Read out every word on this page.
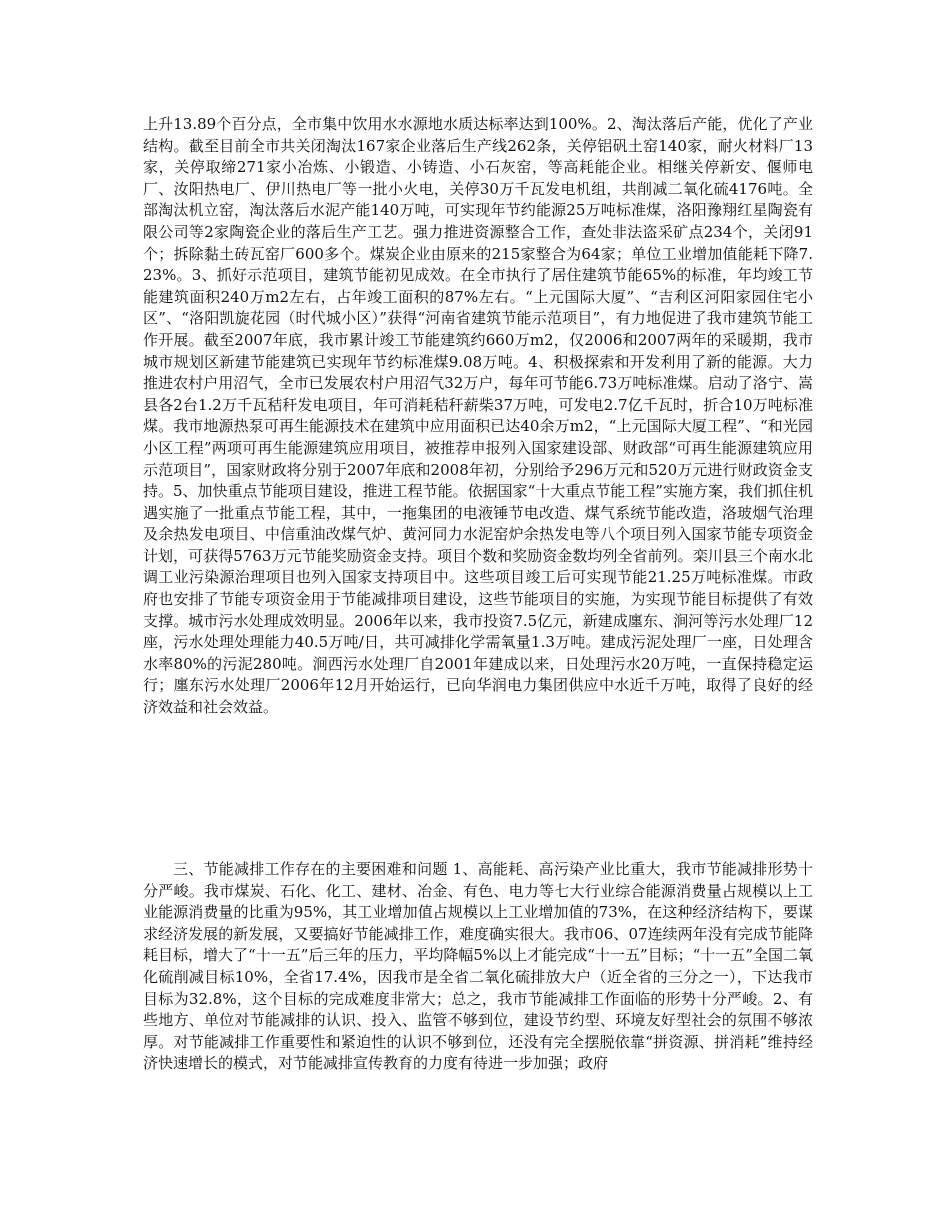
上升13.89个百分点，全市集中饮用水水源地水质达标率达到100%。2、淘汰落后产能，优化了产业结构。截至目前全市共关闭淘汰167家企业落后生产线262条，关停铝矾土窑140家，耐火材料厂13家，关停取缔271家小冶炼、小锻造、小铸造、小石灰窑，等高耗能企业。相继关停新安、偃师电厂、汝阳热电厂、伊川热电厂等一批小火电，关停30万千瓦发电机组，共削减二氧化硫4176吨。全部淘汰机立窑，淘汰落后水泥产能140万吨，可实现年节约能源25万吨标准煤，洛阳豫翔红星陶瓷有限公司等2家陶瓷企业的落后生产工艺。强力推进资源整合工作，查处非法盗采矿点234个，关闭91个；拆除黏土砖瓦窑厂600多个。煤炭企业由原来的215家整合为64家；单位工业增加值能耗下降7.23%。3、抓好示范项目，建筑节能初见成效。在全市执行了居住建筑节能65%的标准，年均竣工节能建筑面积240万m2左右，占年竣工面积的87%左右。“上元国际大厦”、“吉利区河阳家园住宅小区”、“洛阳凯旋花园（时代城小区）”获得“河南省建筑节能示范项目”，有力地促进了我市建筑节能工作开展。截至2007年底，我市累计竣工节能建筑约660万m2，仅2006和2007两年的采暖期，我市城市规划区新建节能建筑已实现年节约标准煤9.08万吨。4、积极探索和开发利用了新的能源。大力推进农村户用沼气，全市已发展农村户用沼气32万户，每年可节能6.73万吨标准煤。启动了洛宁、嵩县各2台1.2万千瓦秸秆发电项目，年可消耗秸秆薪柴37万吨，可发电2.7亿千瓦时，折合10万吨标准煤。我市地源热泵可再生能源技术在建筑中应用面积已达40余万m2，“上元国际大厦工程”、“和光园小区工程”两项可再生能源建筑应用项目，被推荐申报列入国家建设部、财政部“可再生能源建筑应用示范项目”，国家财政将分别于2007年底和2008年初，分别给予296万元和520万元进行财政资金支持。5、加快重点节能项目建设，推进工程节能。依据国家“十大重点节能工程”实施方案，我们抓住机遇实施了一批重点节能工程，其中，一拖集团的电液锤节电改造、煤气系统节能改造，洛玻烟气治理及余热发电项目、中信重油改煤气炉、黄河同力水泥窑炉余热发电等八个项目列入国家节能专项资金计划，可获得5763万元节能奖励资金支持。项目个数和奖励资金数均列全省前列。栾川县三个南水北调工业污染源治理项目也列入国家支持项目中。这些项目竣工后可实现节能21.25万吨标准煤。市政府也安排了节能专项资金用于节能减排项目建设，这些节能项目的实施，为实现节能目标提供了有效支撑。城市污水处理成效明显。2006年以来，我市投资7.5亿元，新建成廛东、涧河等污水处理厂12座，污水处理处理能力40.5万吨/日，共可减排化学需氧量1.3万吨。建成污泥处理厂一座，日处理含水率80%的污泥280吨。涧西污水处理厂自2001年建成以来，日处理污水20万吨，一直保持稳定运行；廛东污水处理厂2006年12月开始运行，已向华润电力集团供应中水近千万吨，取得了良好的经济效益和社会效益。

三、节能减排工作存在的主要困难和问题 1、高能耗、高污染产业比重大，我市节能减排形势十分严峻。我市煤炭、石化、化工、建材、冶金、有色、电力等七大行业综合能源消费量占规模以上工业能源消费量的比重为95%，其工业增加值占规模以上工业增加值的73%，在这种经济结构下，要谋求经济发展的新发展，又要搞好节能减排工作，难度确实很大。我市06、07连续两年没有完成节能降耗目标，增大了“十一五”后三年的压力，平均降幅5%以上才能完成“十一五”目标；“十一五”全国二氧化硫削减目标10%，全省17.4%，因我市是全省二氧化硫排放大户（近全省的三分之一），下达我市目标为32.8%，这个目标的完成难度非常大；总之，我市节能减排工作面临的形势十分严峻。2、有些地方、单位对节能减排的认识、投入、监管不够到位，建设节约型、环境友好型社会的氛围不够浓厚。对节能减排工作重要性和紧迫性的认识不够到位，还没有完全摆脱依靠“拼资源、拼消耗”维持经济快速增长的模式，对节能减排宣传教育的力度有待进一步加强；政府
